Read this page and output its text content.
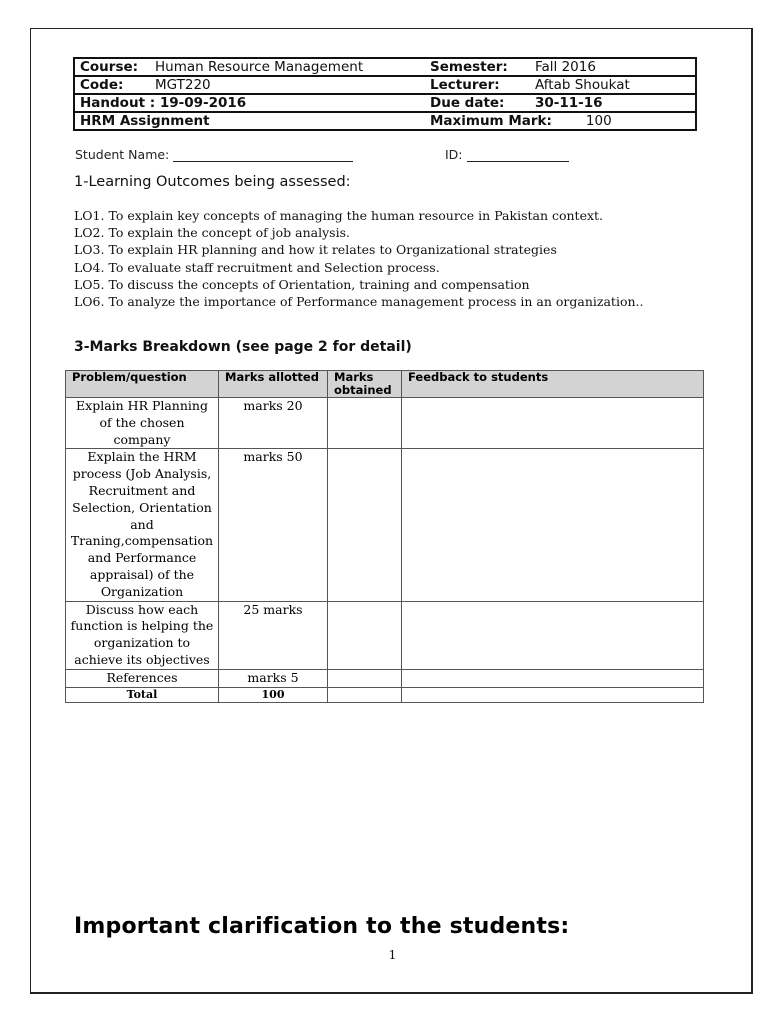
Course:	Human Resource Management	Semester:	Fall 2016
Code:	MGT220	Lecturer:	Aftab Shoukat
Handout : 19-09-2016		Due date:	30-11-16
HRM Assignment		Maximum Mark: 100	
Student Name:	ID:
1-Learning Outcomes being assessed:
LO1. To explain key concepts of managing the human resource in Pakistan context.
LO2. To explain the concept of job analysis.
LO3. To explain HR planning and how it relates to Organizational strategies
LO4. To evaluate staff recruitment and Selection process.
LO5. To discuss the concepts of Orientation, training and compensation
LO6. To analyze the importance of Performance management process in an organization..
3-Marks Breakdown (see page 2 for detail)
Problem/question	Marks allotted	Marks obtained	Feedback to students
Explain HR Planning of the chosen company	marks 20		
Explain the HRM process (Job Analysis, Recruitment and Selection, Orientation and Traning,compensation and Performance appraisal) of the Organization	marks 50		
Discuss how each function is helping the organization to achieve its objectives	25 marks		
References	marks 5		
Total	100		
Important clarification to the students:
1
